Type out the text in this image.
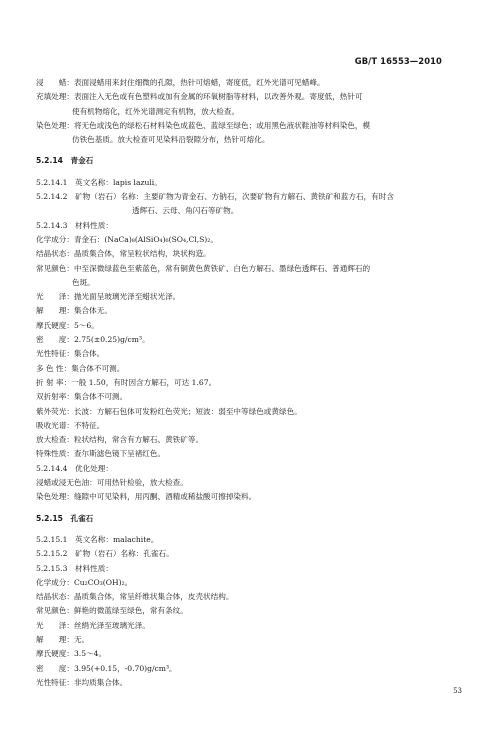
GB/T 16553—2010
浸　　蜡：表面浸蜡用来封住细微的孔隙，热针可熔蜡，寄度低，红外光谱可见蜡峰。
充填处理：表面注入无色或有色塑料或加有金属的环氧树脂等材料，以改善外观。寄度低，热针可
使有机物熔化，红外光谱测定有机物，放大检查。
染色处理：将无色或浅色的绿松石材料染色成蓝色、蓝绿至绿色；或用黑色液状鞋油等材料染色，模
仿铁色基质。放大检查可见染料沿裂隙分布，热针可熔化。
5.2.14　青金石
5.2.14.1　英文名称：lapis lazuli。
5.2.14.2　矿物（岩石）名称：主要矿物为青金石、方钠石，次要矿物有方解石、黄铁矿和蓝方石，有时含
透辉石、云母、角闪石等矿物。
5.2.14.3　材料性质：
化学成分：青金石：(NaCa)₈(AlSiO₄)₆(SO₄,Cl,S)₂。
结晶状态：晶质集合体，常呈粒状结构，块状构造。
常见颜色：中至深微绿蓝色至紫蓝色，常有铜黄色黄铁矿、白色方解石、墨绿色透辉石、普通辉石的
色斑。
光　　泽：抛光面呈玻璃光泽至蜡状光泽。
解　　理：集合体无。
摩氏硬度：5～6。
密　　度：2.75(±0.25)g/cm³。
光性特征：集合体。
多 色 性：集合体不可测。
折 射 率：一般 1.50，有时因含方解石，可达 1.67。
双折射率：集合体不可测。
紫外荧光：长波：方解石包体可发粉红色荧光；短波：弱至中等绿色或黄绿色。
吸收光谱：不特征。
放大检查：粒状结构，常含有方解石、黄铁矿等。
特殊性质：查尔斯滤色镜下呈褚红色。
5.2.14.4　优化处理：
浸蜡或浸无色油：可用热针检验，放大检查。
染色处理：缝隙中可见染料，用丙酮、酒精或稀盐酸可擦掉染料。
5.2.15　孔雀石
5.2.15.1　英文名称：malachite。
5.2.15.2　矿物（岩石）名称：孔雀石。
5.2.15.3　材料性质：
化学成分：Cu₂CO₃(OH)₂。
结晶状态：晶质集合体，常呈纤维状集合体，皮壳状结构。
常见颜色：鲜艳的微蓝绿至绿色，常有条纹。
光　　泽：丝绢光泽至玻璃光泽。
解　　理：无。
摩氏硬度：3.5～4。
密　　度：3.95(+0.15，-0.70)g/cm³。
光性特征：非均质集合体。
53
